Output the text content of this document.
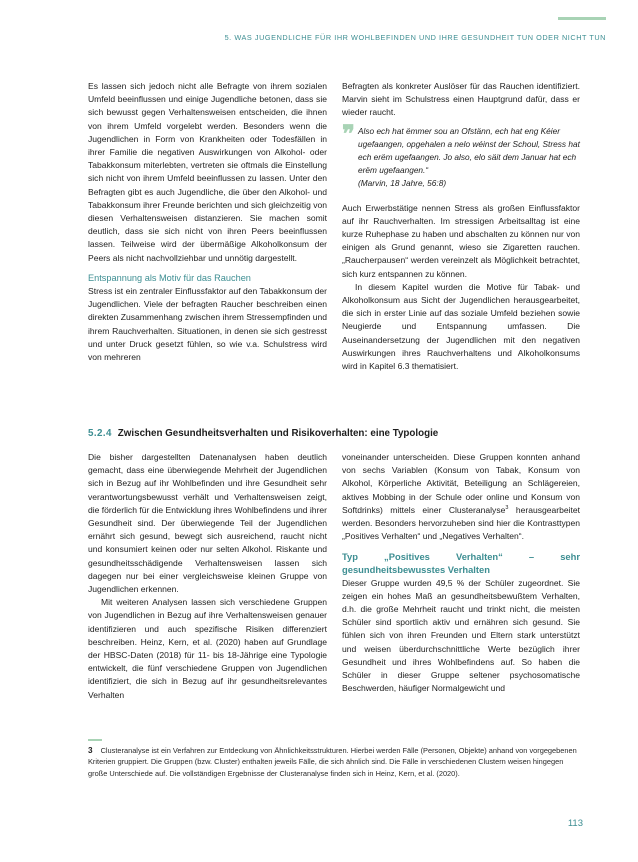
5. WAS JUGENDLICHE FÜR IHR WOHLBEFINDEN UND IHRE GESUNDHEIT TUN ODER NICHT TUN

Es lassen sich jedoch nicht alle Befragte von ihrem sozialen Umfeld beeinflussen und einige Jugendliche betonen, dass sie sich bewusst gegen Verhaltensweisen entscheiden, die ihnen von ihrem Umfeld vorgelebt werden. Besonders wenn die Jugendlichen in Form von Krankheiten oder Todesfällen in ihrer Familie die negativen Auswirkungen von Alkohol- oder Tabakkonsum miterlebten, vertreten sie oftmals die Einstellung sich nicht von ihrem Umfeld beeinflussen zu lassen. Unter den Befragten gibt es auch Jugendliche, die über den Alkohol- und Tabakkonsum ihrer Freunde berichten und sich gleichzeitig von diesen Verhaltensweisen distanzieren. Sie machen somit deutlich, dass sie sich nicht von ihren Peers beeinflussen lassen. Teilweise wird der übermäßige Alkoholkonsum der Peers als nicht nachvollziehbar und unnötig dargestellt.

Entspannung als Motiv für das Rauchen

Stress ist ein zentraler Einflussfaktor auf den Tabakkonsum der Jugendlichen. Viele der befragten Raucher beschreiben einen direkten Zusammenhang zwischen ihrem Stressempfinden und ihrem Rauchverhalten. Situationen, in denen sie sich gestresst und unter Druck gesetzt fühlen, so wie v.a. Schulstress wird von mehreren

Befragten als konkreter Auslöser für das Rauchen identifiziert. Marvin sieht im Schulstress einen Hauptgrund dafür, dass er wieder raucht.

❞ Also ech hat ëmmer sou an Ofstänn, ech hat eng Kéier ugefaangen, opgehalen a nelo wéinst der Schoul, Stress hat ech erëm ugefaangen. Jo also, elo säit dem Januar hat ech erëm ugefaangen.“
(Marvin, 18 Jahre, 56:8)

Auch Erwerbstätige nennen Stress als großen Einflussfaktor auf ihr Rauchverhalten. Im stressigen Arbeitsalltag ist eine kurze Ruhephase zu haben und abschalten zu können nur von einigen als Grund genannt, wieso sie Zigaretten rauchen. „Raucherpausen“ werden vereinzelt als Möglichkeit betrachtet, sich kurz entspannen zu können.

In diesem Kapitel wurden die Motive für Tabak- und Alkoholkonsum aus Sicht der Jugendlichen herausgearbeitet, die sich in erster Linie auf das soziale Umfeld beziehen sowie Neugierde und Entspannung umfassen. Die Auseinandersetzung der Jugendlichen mit den negativen Auswirkungen ihres Rauchverhaltens und Alkoholkonsums wird in Kapitel 6.3 thematisiert.

5.2.4 Zwischen Gesundheitsverhalten und Risikoverhalten: eine Typologie

Die bisher dargestellten Datenanalysen haben deutlich gemacht, dass eine überwiegende Mehrheit der Jugendlichen sich in Bezug auf ihr Wohlbefinden und ihre Gesundheit sehr verantwortungsbewusst verhält und Verhaltensweisen zeigt, die förderlich für die Entwicklung ihres Wohlbefindens und ihrer Gesundheit sind. Der überwiegende Teil der Jugendlichen ernährt sich gesund, bewegt sich ausreichend, raucht nicht und konsumiert keinen oder nur selten Alkohol. Riskante und gesundheitsschädigende Verhaltensweisen lassen sich dagegen nur bei einer vergleichsweise kleinen Gruppe von Jugendlichen erkennen.

Mit weiteren Analysen lassen sich verschiedene Gruppen von Jugendlichen in Bezug auf ihre Verhaltensweisen genauer identifizieren und auch spezifische Risiken differenziert beschreiben. Heinz, Kern, et al. (2020) haben auf Grundlage der HBSC-Daten (2018) für 11- bis 18-Jährige eine Typologie entwickelt, die fünf verschiedene Gruppen von Jugendlichen identifiziert, die sich in Bezug auf ihr gesundheitsrelevantes Verhalten

voneinander unterscheiden. Diese Gruppen konnten anhand von sechs Variablen (Konsum von Tabak, Konsum von Alkohol, Körperliche Aktivität, Beteiligung an Schlägereien, aktives Mobbing in der Schule oder online und Konsum von Softdrinks) mittels einer Clusteranalyse$^3$ herausgearbeitet werden. Besonders hervorzuheben sind hier die Kontrasttypen „Positives Verhalten“ und „Negatives Verhalten“.

Typ „Positives Verhalten“ – sehr gesundheitsbewusstes Verhalten

Dieser Gruppe wurden 49,5 % der Schüler zugeordnet. Sie zeigen ein hohes Maß an gesundheitsbewußtem Verhalten, d.h. die große Mehrheit raucht und trinkt nicht, die meisten Schüler sind sportlich aktiv und ernähren sich gesund. Sie fühlen sich von ihren Freunden und Eltern stark unterstützt und weisen überdurchschnittliche Werte bezüglich ihrer Gesundheit und ihres Wohlbefindens auf. So haben die Schüler in dieser Gruppe seltener psychosomatische Beschwerden, häufiger Normalgewicht und

3 Clusteranalyse ist ein Verfahren zur Entdeckung von Ähnlichkeitsstrukturen. Hierbei werden Fälle (Personen, Objekte) anhand von vorgegebenen Kriterien gruppiert. Die Gruppen (bzw. Cluster) enthalten jeweils Fälle, die sich ähnlich sind. Die Fälle in verschiedenen Clustern weisen hingegen große Unterschiede auf. Die vollständigen Ergebnisse der Clusteranalyse finden sich in Heinz, Kern, et al. (2020).
113
